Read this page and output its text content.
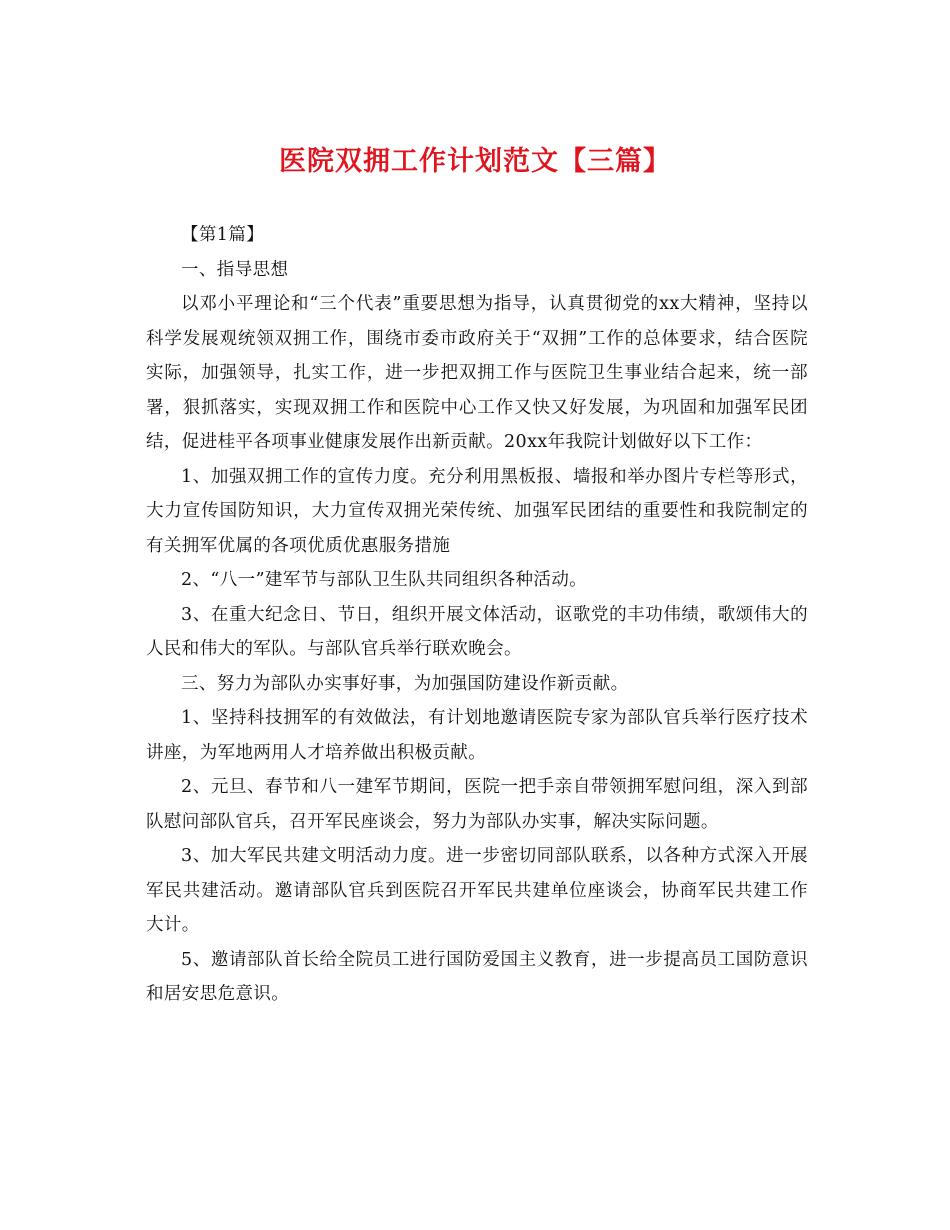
医院双拥工作计划范文【三篇】

【第1篇】

一、指导思想

以邓小平理论和“三个代表”重要思想为指导，认真贯彻党的xx大精神，坚持以科学发展观统领双拥工作，围绕市委市政府关于“双拥”工作的总体要求，结合医院实际，加强领导，扎实工作，进一步把双拥工作与医院卫生事业结合起来，统一部署，狠抓落实，实现双拥工作和医院中心工作又快又好发展，为巩固和加强军民团结，促进桂平各项事业健康发展作出新贡献。20xx年我院计划做好以下工作：

1、加强双拥工作的宣传力度。充分利用黑板报、墙报和举办图片专栏等形式，大力宣传国防知识，大力宣传双拥光荣传统、加强军民团结的重要性和我院制定的有关拥军优属的各项优质优惠服务措施

2、“八一”建军节与部队卫生队共同组织各种活动。

3、在重大纪念日、节日，组织开展文体活动，讴歌党的丰功伟绩，歌颂伟大的人民和伟大的军队。与部队官兵举行联欢晚会。

三、努力为部队办实事好事，为加强国防建设作新贡献。

1、坚持科技拥军的有效做法，有计划地邀请医院专家为部队官兵举行医疗技术讲座，为军地两用人才培养做出积极贡献。

2、元旦、春节和八一建军节期间，医院一把手亲自带领拥军慰问组，深入到部队慰问部队官兵，召开军民座谈会，努力为部队办实事，解决实际问题。

3、加大军民共建文明活动力度。进一步密切同部队联系，以各种方式深入开展军民共建活动。邀请部队官兵到医院召开军民共建单位座谈会，协商军民共建工作大计。

5、邀请部队首长给全院员工进行国防爱国主义教育，进一步提高员工国防意识和居安思危意识。
